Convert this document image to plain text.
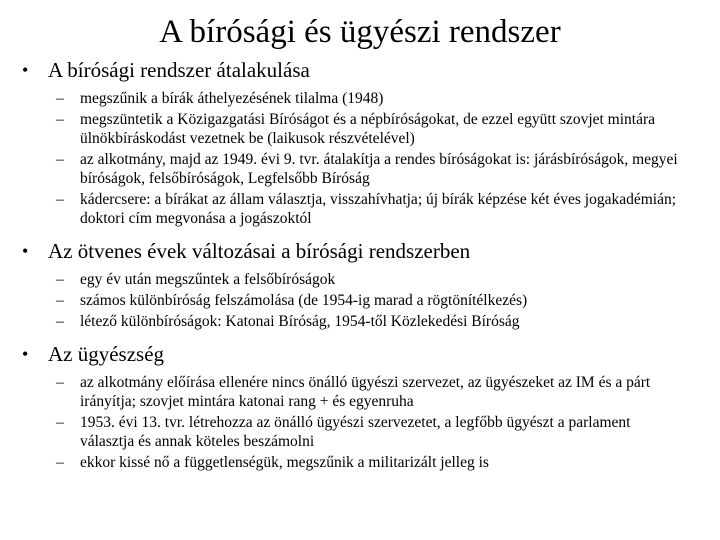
A bírósági és ügyészi rendszer
• A bírósági rendszer átalakulása
–	megszűnik a bírák áthelyezésének tilalma (1948)
–	megszüntetik a Közigazgatási Bíróságot és a népbíróságokat, de ezzel együtt szovjet mintára ülnökbíráskodást vezetnek be (laikusok részvételével)
–	az alkotmány, majd az 1949. évi 9. tvr. átalakítja a rendes bíróságokat is: járásbíróságok, megyei bíróságok, felsőbíróságok, Legfelsőbb Bíróság
–	kádercsere: a bírákat az állam választja, visszahívhatja; új bírák képzése két éves jogakadémián; doktori cím megvonása a jogászoktól
• Az ötvenes évek változásai a bírósági rendszerben
–	egy év után megszűntek a felsőbíróságok
–	számos különbíróság felszámolása (de 1954-ig marad a rögtönítélkezés)
–	létező különbíróságok: Katonai Bíróság, 1954-től Közlekedési Bíróság
• Az ügyészség
–	az alkotmány előírása ellenére nincs önálló ügyészi szervezet, az ügyészeket az IM és a párt irányítja; szovjet mintára katonai rang + és egyenruha
–	1953. évi 13. tvr. létrehozza az önálló ügyészi szervezetet, a legfőbb ügyészt a parlament választja és annak köteles beszámolni
–	ekkor kissé nő a függetlenségük, megszűnik a militarizált jelleg is
